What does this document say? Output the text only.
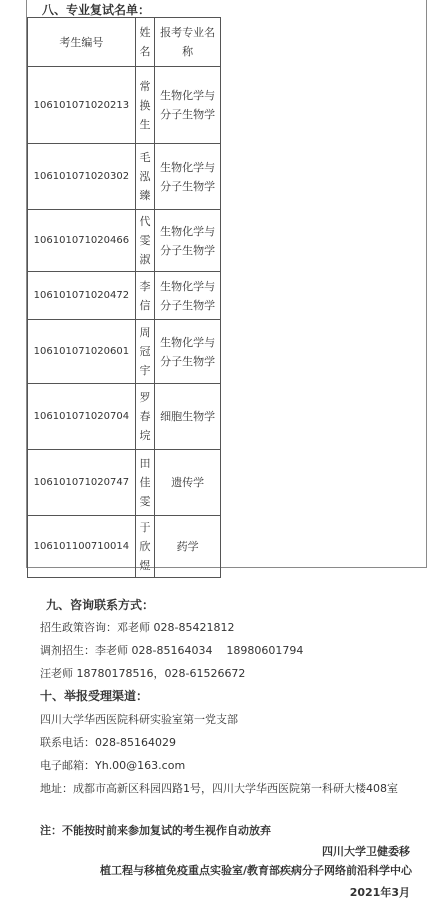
八、专业复试名单：
考生编号	姓名	报考专业名称
106101071020213	常换生	生物化学与分子生物学
106101071020302	毛泓臻	生物化学与分子生物学
106101071020466	代雯淑	生物化学与分子生物学
106101071020472	李信	生物化学与分子生物学
106101071020601	周冠宇	生物化学与分子生物学
106101071020704	罗春垸	细胞生物学
106101071020747	田佳雯	遗传学
106101100710014	于欣煜	药学
九、咨询联系方式：
招生政策咨询：邓老师 028-85421812
调剂招生：李老师 028-85164034    18980601794
汪老师 18780178516，028-61526672
十、举报受理渠道：
四川大学华西医院科研实验室第一党支部
联系电话：028-85164029
电子邮箱：Yh.00@163.com
地址：成都市高新区科园四路1号，四川大学华西医院第一科研大楼408室
注：不能按时前来参加复试的考生视作自动放弃
四川大学卫健委移
植工程与移植免疫重点实验室/教育部疾病分子网络前沿科学中心
2021年3月
